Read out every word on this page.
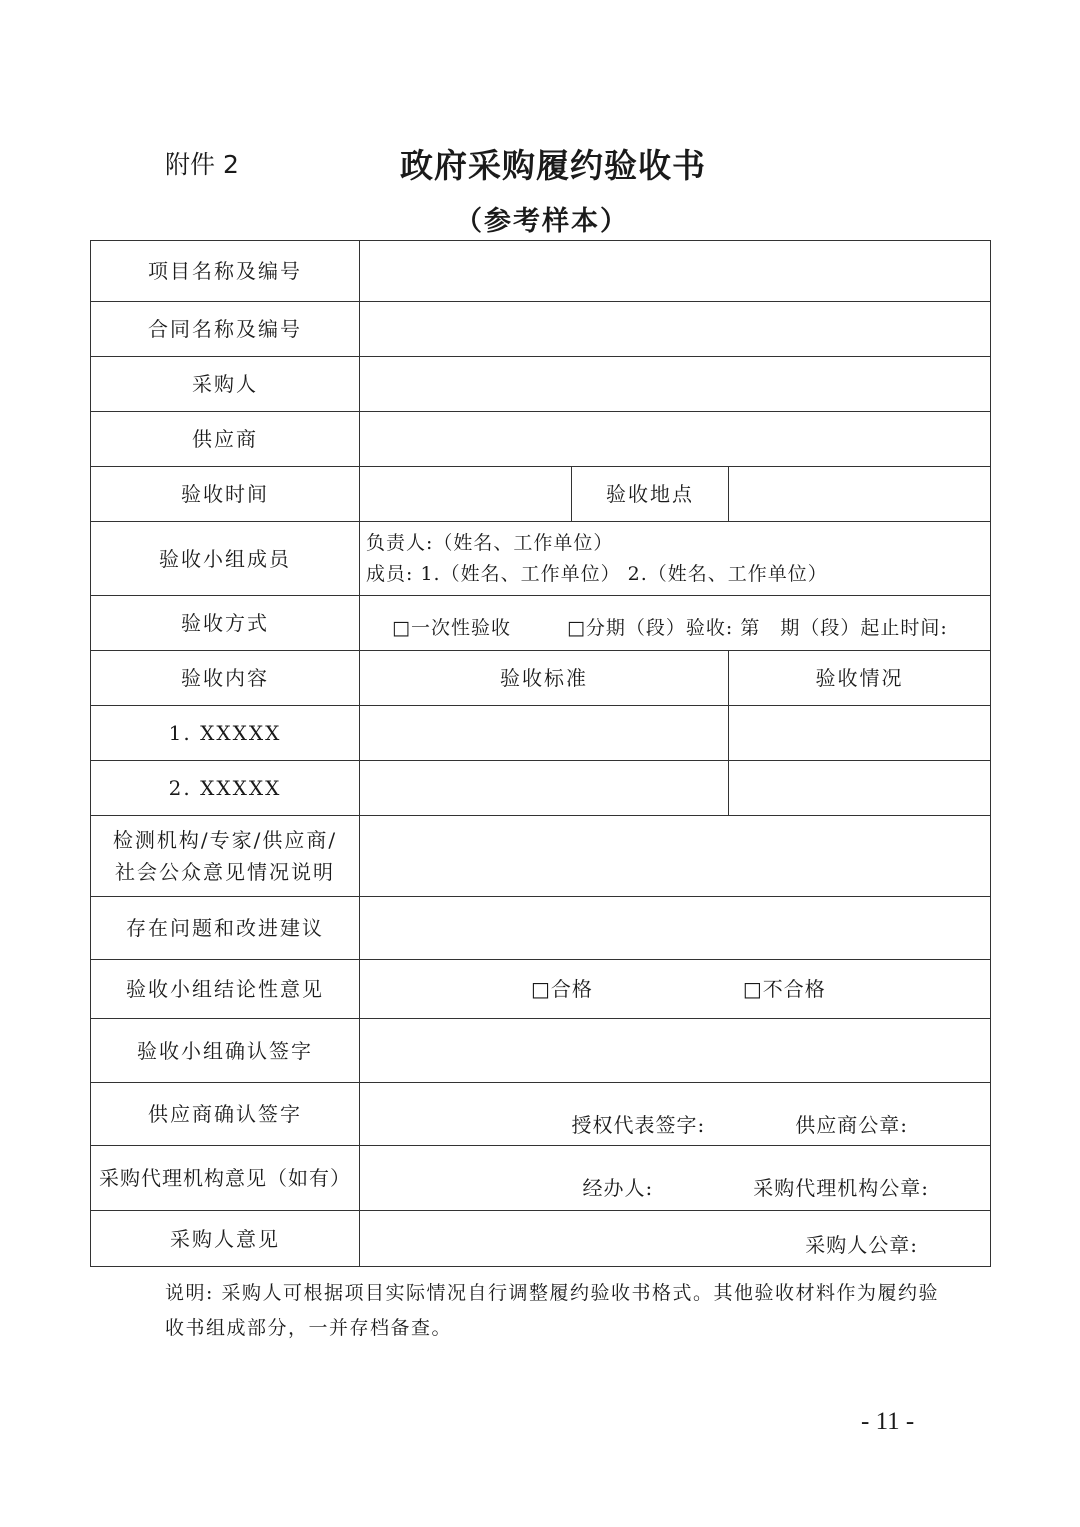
附件 2	政府采购履约验收书
（参考样本）
项目名称及编号			
合同名称及编号			
采购人			
供应商			
验收时间		验收地点	
验收小组成员	负责人:（姓名、工作单位）
成员: 1.（姓名、工作单位） 2.（姓名、工作单位）		

验收方式	□一次性验收 □分期（段）验收: 第　期（段）起止时间:		

验收内容	验收标准		验收情况
1. XXXXX			
2. XXXXX			

检测机构/专家/供应商/
社会公众意见情况说明			

存在问题和改进建议			
验收小组结论性意见	□合格 □不合格		

验收小组确认签字			
供应商确认签字	授权代表签字: 供应商公章:		

采购代理机构意见（如有）	经办人: 采购代理机构公章:		

采购人意见	采购人公章:		
说明: 采购人可根据项目实际情况自行调整履约验收书格式。其他验收材料作为履约验收书组成部分，一并存档备查。
- 11 -
